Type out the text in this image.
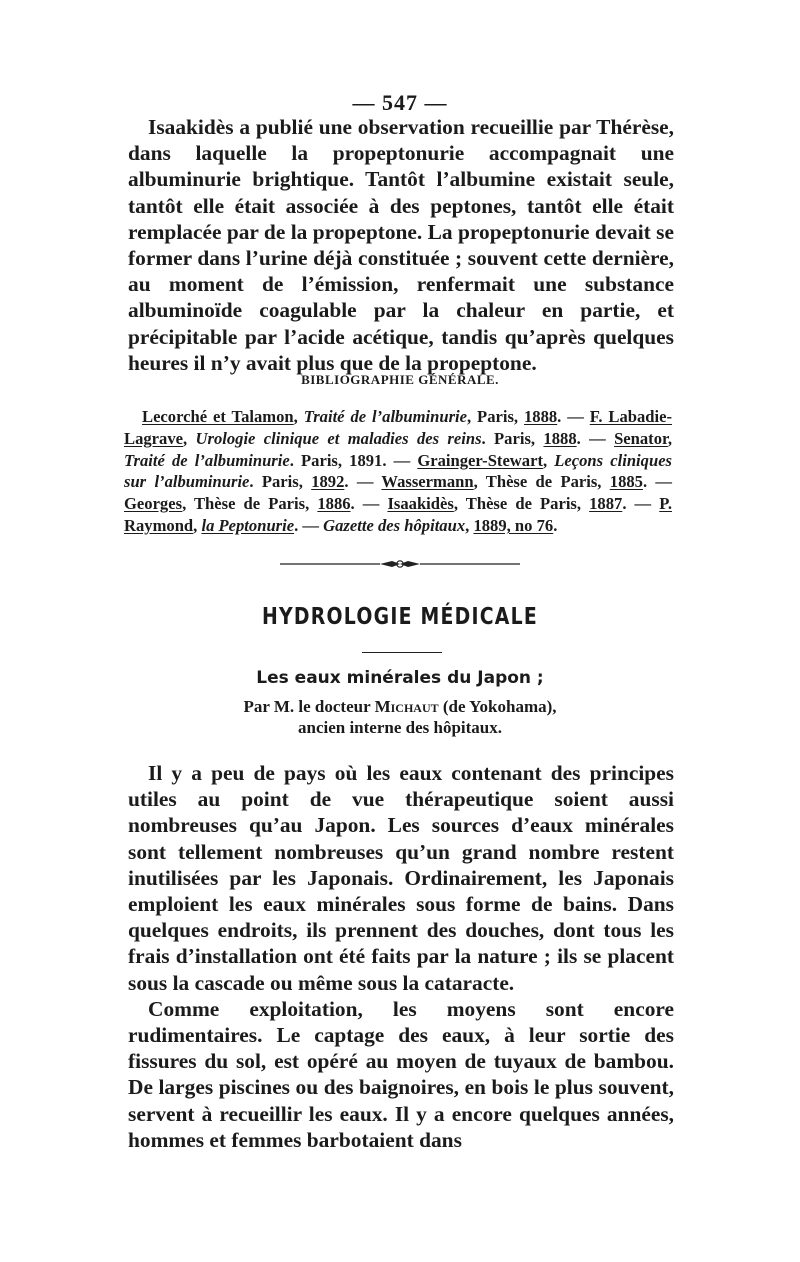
— 547 —

Isaakidès a publié une observation recueillie par Thérèse, dans laquelle la propeptonurie accompagnait une albuminurie brightique. Tantôt l’albumine existait seule, tantôt elle était associée à des peptones, tantôt elle était remplacée par de la propeptone. La propeptonurie devait se former dans l’urine déjà constituée ; souvent cette dernière, au moment de l’émission, renfermait une substance albuminoïde coagulable par la chaleur en partie, et précipitable par l’acide acétique, tandis qu’après quelques heures il n’y avait plus que de la propeptone.

BIBLIOGRAPHIE GÉNÉRALE.

Lecorché et Talamon, Traité de l’albuminurie, Paris, 1888. — F. Labadie-Lagrave, Urologie clinique et maladies des reins. Paris, 1888. — Senator, Traité de l’albuminurie. Paris, 1891. — Grainger-Stewart, Leçons cliniques sur l’albuminurie. Paris, 1892. — Wassermann, Thèse de Paris, 1885. — Georges, Thèse de Paris, 1886. — Isaakidès, Thèse de Paris, 1887. — P. Raymond, la Peptonurie. — Gazette des hôpitaux, 1889, no 76.

HYDROLOGIE MÉDICALE
Les eaux minérales du Japon ;
Par M. le docteur Michaut (de Yokohama),
ancien interne des hôpitaux.

Il y a peu de pays où les eaux contenant des principes utiles au point de vue thérapeutique soient aussi nombreuses qu’au Japon. Les sources d’eaux minérales sont tellement nombreuses qu’un grand nombre restent inutilisées par les Japonais. Ordinairement, les Japonais emploient les eaux minérales sous forme de bains. Dans quelques endroits, ils prennent des douches, dont tous les frais d’installation ont été faits par la nature ; ils se placent sous la cascade ou même sous la cataracte.

Comme exploitation, les moyens sont encore rudimentaires. Le captage des eaux, à leur sortie des fissures du sol, est opéré au moyen de tuyaux de bambou. De larges piscines ou des baignoires, en bois le plus souvent, servent à recueillir les eaux. Il y a encore quelques années, hommes et femmes barbotaient dans
